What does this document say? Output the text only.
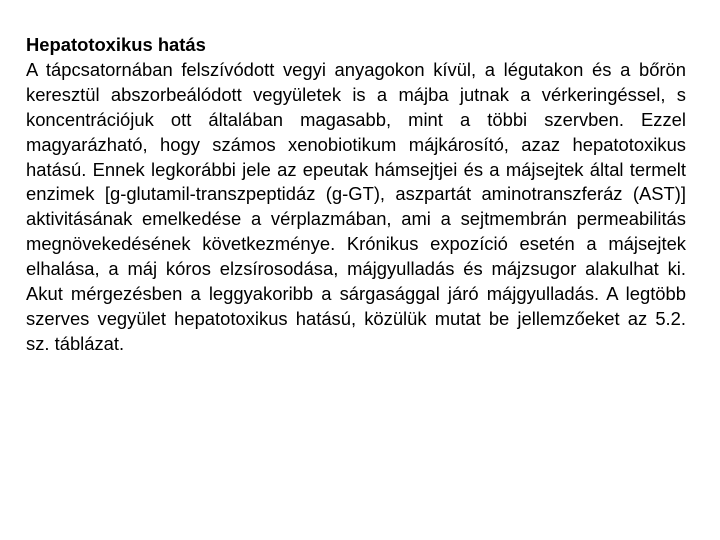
Hepatotoxikus hatás

A tápcsatornában felszívódott vegyi anyagokon kívül, a légutakon és a bőrön keresztül abszorbeálódott vegyületek is a májba jutnak a vérkeringéssel, s koncentrációjuk ott általában magasabb, mint a többi szervben. Ezzel magyarázható, hogy számos xenobiotikum májkárosító, azaz hepatotoxikus hatású. Ennek legkorábbi jele az epeutak hámsejtjei és a májsejtek által termelt enzimek [g-glutamil-transzpeptidáz (g-GT), aszpartát aminotranszferáz (AST)] aktivitásának emelkedése a vérplazmában, ami a sejtmembrán permeabilitás megnövekedésének következménye. Krónikus expozíció esetén a májsejtek elhalása, a máj kóros elzsírosodása, májgyulladás és májzsugor alakulhat ki. Akut mérgezésben a leggyakoribb a sárgasággal járó májgyulladás. A legtöbb szerves vegyület hepatotoxikus hatású, közülük mutat be jellemzőeket az 5.2. sz. táblázat.
